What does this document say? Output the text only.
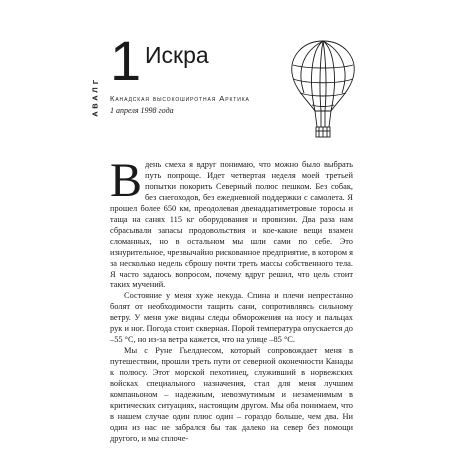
Г
Л
А
В
А
1 Искра
Канадская высокоширотная Арктика
1 апреля 1998 года

В день смеха я вдруг понимаю, что можно было выбрать путь попроще. Идет четвертая неделя моей третьей попытки покорить Северный полюс пешком. Без собак, без снегоходов, без ежедневной поддержки с самолета. Я прошел более 650 км, преодолевая двенадцатиметровые торосы и таща на санях 115 кг оборудования и провизии. Два раза нам сбрасывали запасы продовольствия и кое-какие вещи взамен сломанных, но в остальном мы шли сами по себе. Это изнурительное, чрезвычайно рискованное предприятие, в котором я за несколько недель сброшу почти треть массы собственного тела. Я часто задаюсь вопросом, почему вдруг решил, что цель стоит таких мучений.

Состояние у меня хуже некуда. Спина и плечи непрестанно болят от необходимости тащить сани, сопротивляясь сильному ветру. У меня уже видны следы обморожения на носу и пальцах рук и ног. Погода стоит скверная. Порой температура опускается до –55 °С, но из-за ветра кажется, что на улице –85 °С.

Мы с Руне Гьелднесом, который сопровождает меня в путешествии, прошли треть пути от северной оконечности Канады к полюсу. Этот морской пехотинец, служивший в норвежских войсках специального назначения, стал для меня лучшим компаньоном – надежным, невозмутимым и незаменимым в критических ситуациях, настоящим другом. Мы оба понимаем, что в нашем случае один плюс один – гораздо больше, чем два. Ни один из нас не забрался бы так далеко на север без помощи другого, и мы сплоче-
